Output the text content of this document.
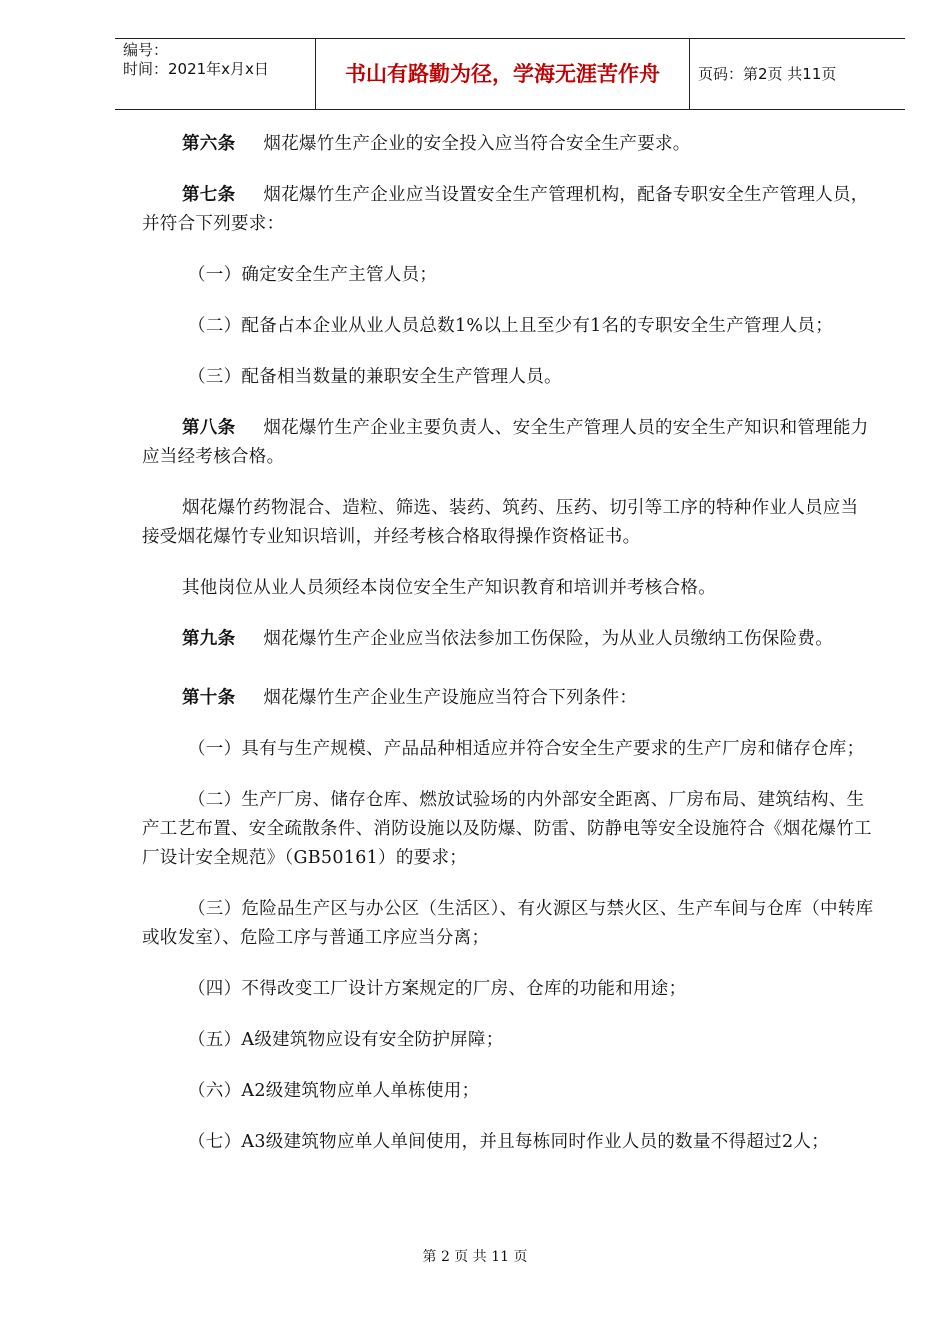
编号：
时间：2021年x月x日	书山有路勤为径，学海无涯苦作舟	页码：第2页 共11页

第六条 烟花爆竹生产企业的安全投入应当符合安全生产要求。

第七条 烟花爆竹生产企业应当设置安全生产管理机构，配备专职安全生产管理人员，并符合下列要求：

（一）确定安全生产主管人员；

（二）配备占本企业从业人员总数1%以上且至少有1名的专职安全生产管理人员；

（三）配备相当数量的兼职安全生产管理人员。

第八条 烟花爆竹生产企业主要负责人、安全生产管理人员的安全生产知识和管理能力应当经考核合格。

烟花爆竹药物混合、造粒、筛选、装药、筑药、压药、切引等工序的特种作业人员应当接受烟花爆竹专业知识培训，并经考核合格取得操作资格证书。

其他岗位从业人员须经本岗位安全生产知识教育和培训并考核合格。

第九条 烟花爆竹生产企业应当依法参加工伤保险，为从业人员缴纳工伤保险费。

第十条 烟花爆竹生产企业生产设施应当符合下列条件：

（一）具有与生产规模、产品品种相适应并符合安全生产要求的生产厂房和储存仓库；

（二）生产厂房、储存仓库、燃放试验场的内外部安全距离、厂房布局、建筑结构、生产工艺布置、安全疏散条件、消防设施以及防爆、防雷、防静电等安全设施符合《烟花爆竹工厂设计安全规范》（GB50161）的要求；

（三）危险品生产区与办公区（生活区）、有火源区与禁火区、生产车间与仓库（中转库或收发室）、危险工序与普通工序应当分离；

（四）不得改变工厂设计方案规定的厂房、仓库的功能和用途；

（五）A级建筑物应设有安全防护屏障；

（六）A2级建筑物应单人单栋使用；

（七）A3级建筑物应单人单间使用，并且每栋同时作业人员的数量不得超过2人；

第 2 页 共 11 页
